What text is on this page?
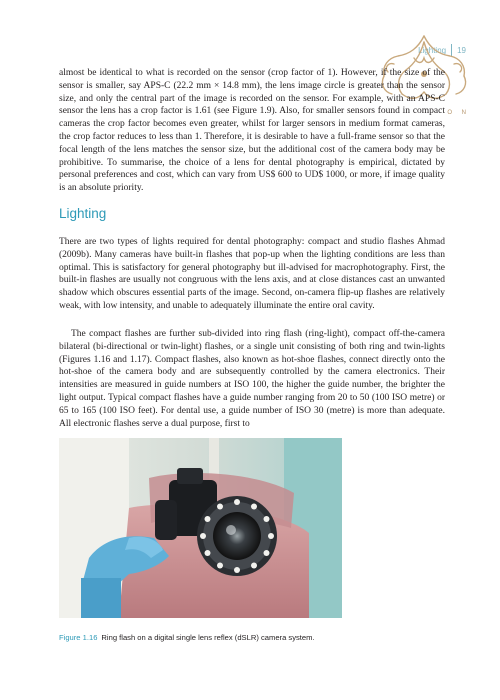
Lighting 19
O N

almost be identical to what is recorded on the sensor (crop factor of 1). However, if the size of the sensor is smaller, say APS-C (22.2 mm × 14.8 mm), the lens image circle is greater than the sensor size, and only the central part of the image is recorded on the sensor. For example, with an APS-C sensor the lens has a crop factor is 1.61 (see Figure 1.9). Also, for smaller sensors found in compact cameras the crop factor becomes even greater, whilst for larger sensors in medium format cameras, the crop factor reduces to less than 1. Therefore, it is desirable to have a full-frame sensor so that the focal length of the lens matches the sensor size, but the additional cost of the camera body may be prohibitive. To summarise, the choice of a lens for dental photography is empirical, dictated by personal preferences and cost, which can vary from US$ 600 to UD$ 1000, or more, if image quality is an absolute priority.

Lighting

There are two types of lights required for dental photography: compact and studio flashes Ahmad (2009b). Many cameras have built-in flashes that pop-up when the lighting conditions are less than optimal. This is satisfactory for general photography but ill-advised for macrophotography. First, the built-in flashes are usually not congruous with the lens axis, and at close distances cast an unwanted shadow which obscures essential parts of the image. Second, on-camera flip-up flashes are relatively weak, with low intensity, and unable to adequately illuminate the entire oral cavity.

The compact flashes are further sub-divided into ring flash (ring-light), compact off-the-camera bilateral (bi-directional or twin-light) flashes, or a single unit consisting of both ring and twin-lights (Figures 1.16 and 1.17). Compact flashes, also known as hot-shoe flashes, connect directly onto the hot-shoe of the camera body and are subsequently controlled by the camera electronics. Their intensities are measured in guide numbers at ISO 100, the higher the guide number, the brighter the light output. Typical compact flashes have a guide number ranging from 20 to 50 (100 ISO metre) or 65 to 165 (100 ISO feet). For dental use, a guide number of ISO 30 (metre) is more than adequate. All electronic flashes serve a dual purpose, first to

Figure 1.16 Ring flash on a digital single lens reflex (dSLR) camera system.
